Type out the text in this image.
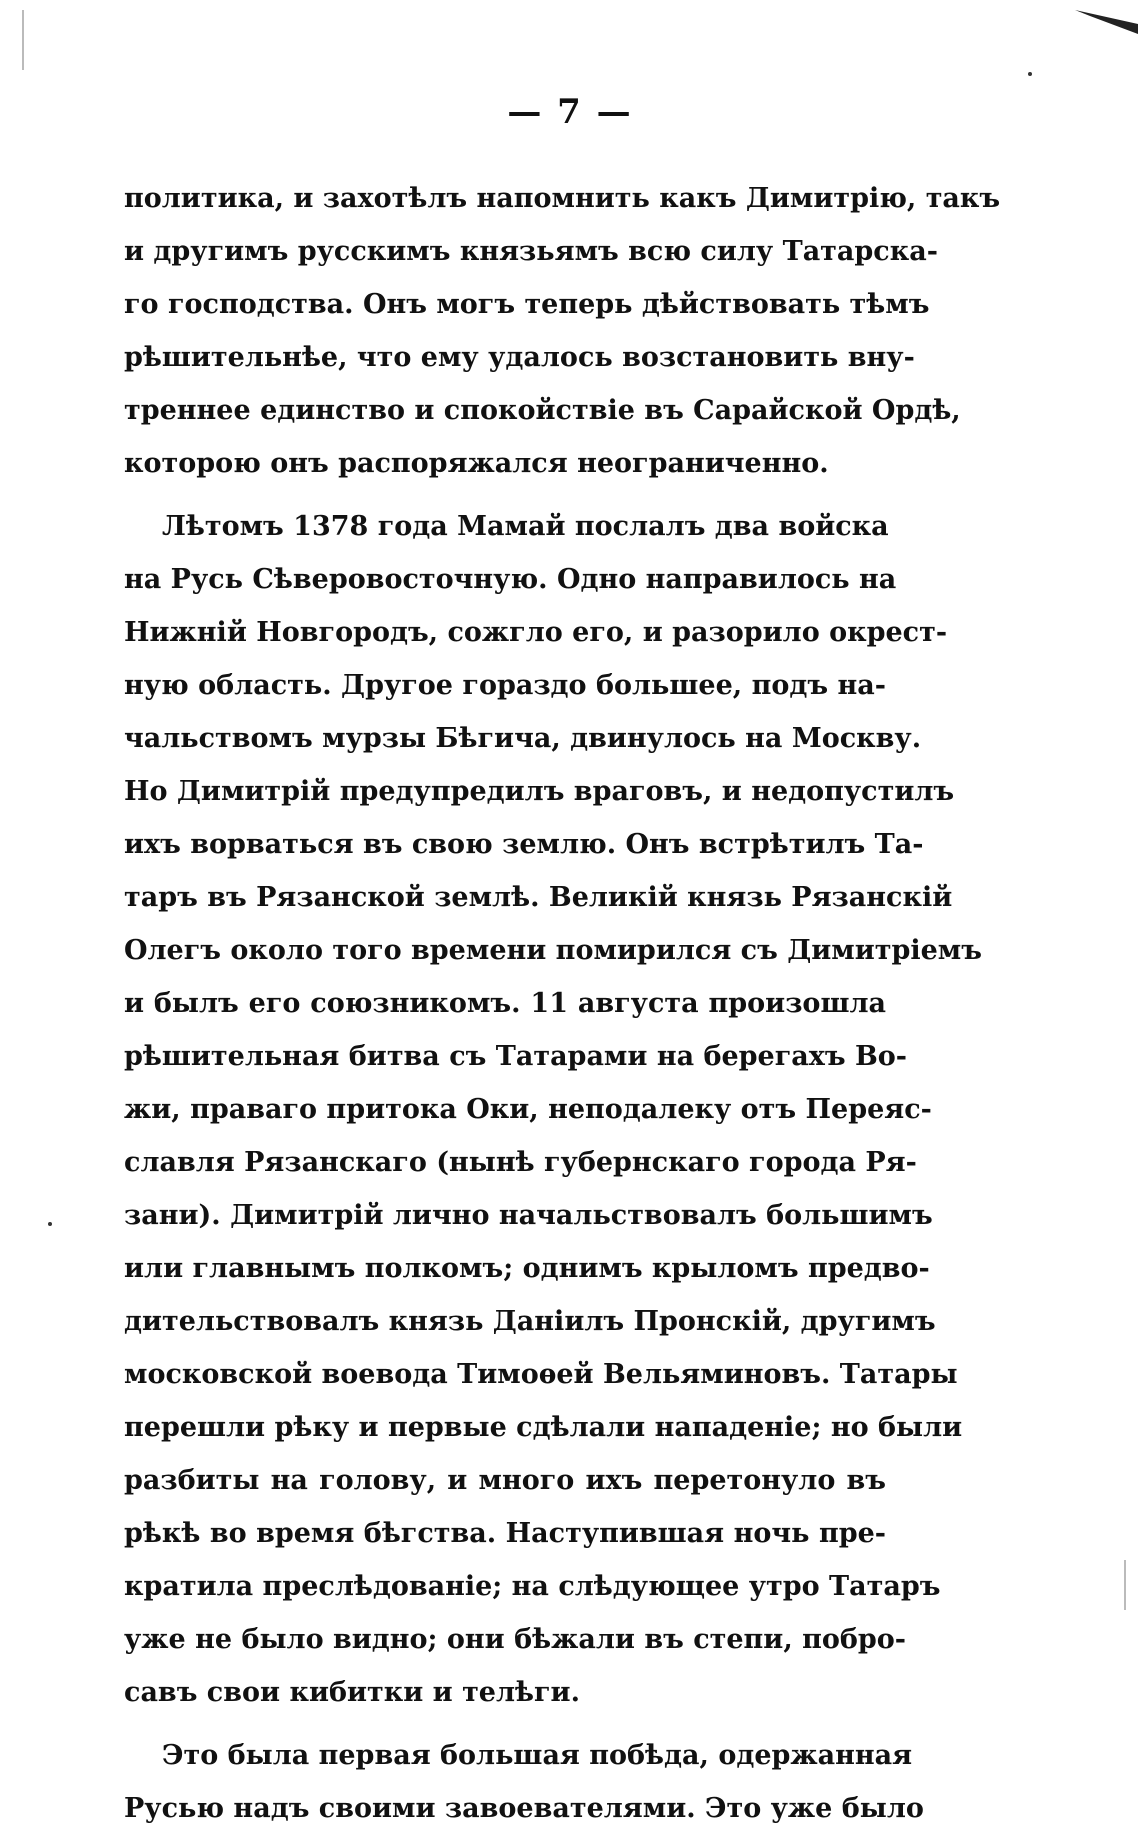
— 7 —
политика, и захотѣлъ напомнить какъ Димитрію, такъ
и другимъ русскимъ князьямъ всю силу Татарска-
го господства. Онъ могъ теперь дѣйствовать тѣмъ
рѣшительнѣе, что ему удалось возстановить вну-
треннее единство и спокойствіе въ Сарайской Ордѣ,
которою онъ распоряжался неограниченно.
Лѣтомъ 1378 года Мамай послалъ два войска
на Русь Сѣверовосточную. Одно направилось на
Нижній Новгородъ, сожгло его, и разорило окрест-
ную область. Другое гораздо большее, подъ на-
чальствомъ мурзы Бѣгича, двинулось на Москву.
Но Димитрій предупредилъ враговъ, и недопустилъ
ихъ ворваться въ свою землю. Онъ встрѣтилъ Та-
таръ въ Рязанской землѣ. Великій князь Рязанскій
Олегъ около того времени помирился съ Димитріемъ
и былъ его союзникомъ. 11 августа произошла
рѣшительная битва съ Татарами на берегахъ Во-
жи, праваго притока Оки, неподалеку отъ Переяс-
славля Рязанскаго (нынѣ губернскаго города Ря-
зани). Димитрій лично начальствовалъ большимъ
или главнымъ полкомъ; однимъ крыломъ предво-
дительствовалъ князь Даніилъ Пронскій, другимъ
московской воевода Тимоѳей Вельяминовъ. Татары
перешли рѣку и первые сдѣлали нападеніе; но были
разбиты на голову, и много ихъ перетонуло въ
рѣкѣ во время бѣгства. Наступившая ночь пре-
кратила преслѣдованіе; на слѣдующее утро Татаръ
уже не было видно; они бѣжали въ степи, побро-
савъ свои кибитки и телѣги.
Это была первая большая побѣда, одержанная
Русью надъ своими завоевателями. Это уже было
